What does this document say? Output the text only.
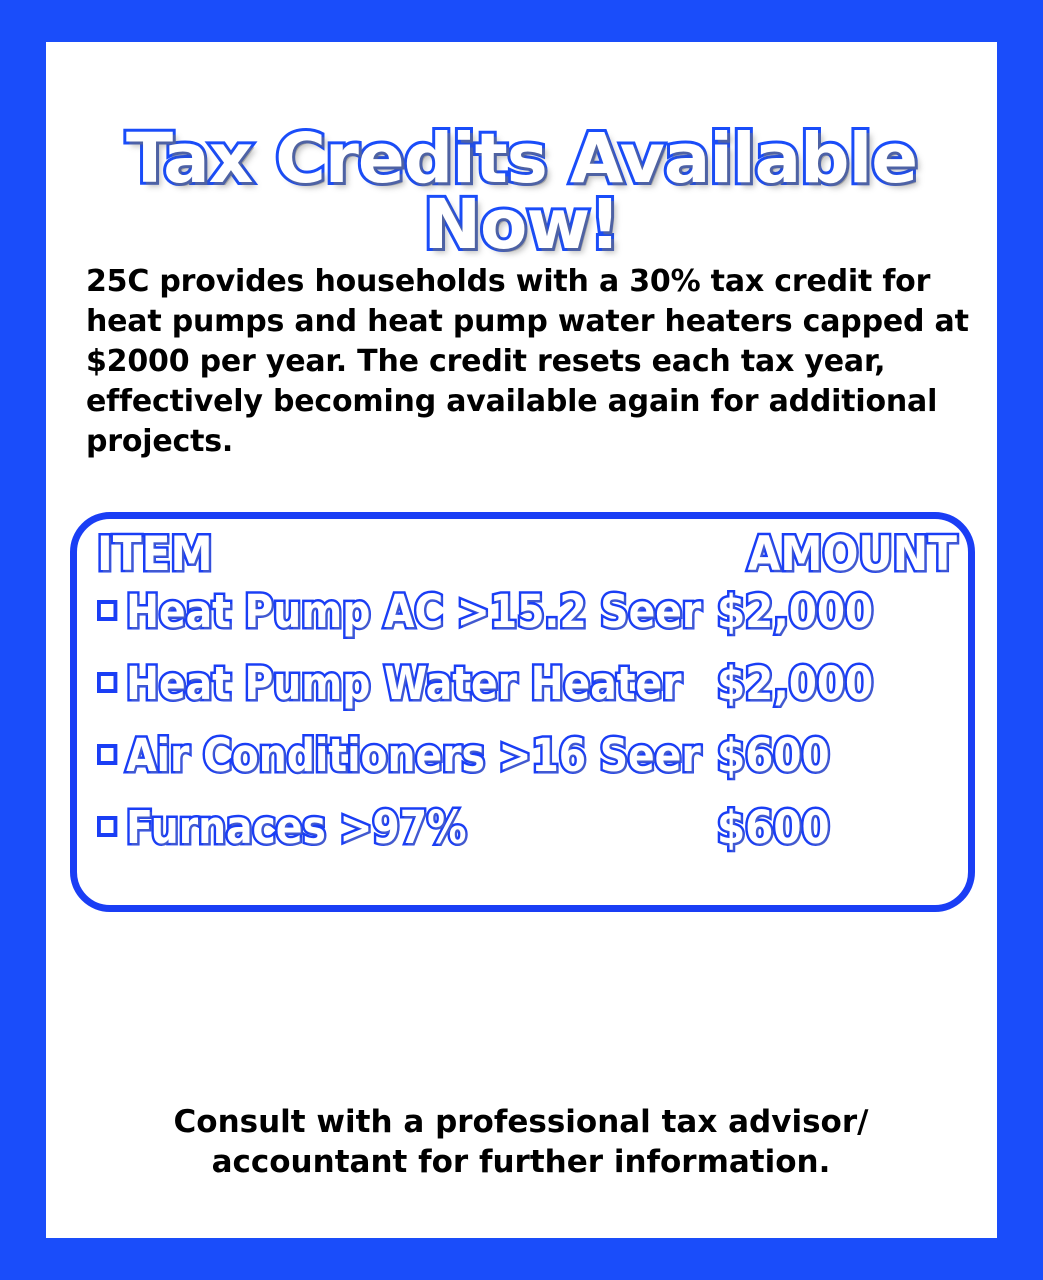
Tax Credits Available Now!
25C provides households with a 30% tax credit for heat pumps and heat pump water heaters capped at $2000 per year. The credit resets each tax year, effectively becoming available again for additional projects.
ITEM	AMOUNT
Heat Pump AC >15.2 Seer $2,000
Heat Pump Water Heater $2,000
Air Conditioners >16 Seer $600
Furnaces >97%	$600
Consult with a professional tax advisor/ accountant for further information.
